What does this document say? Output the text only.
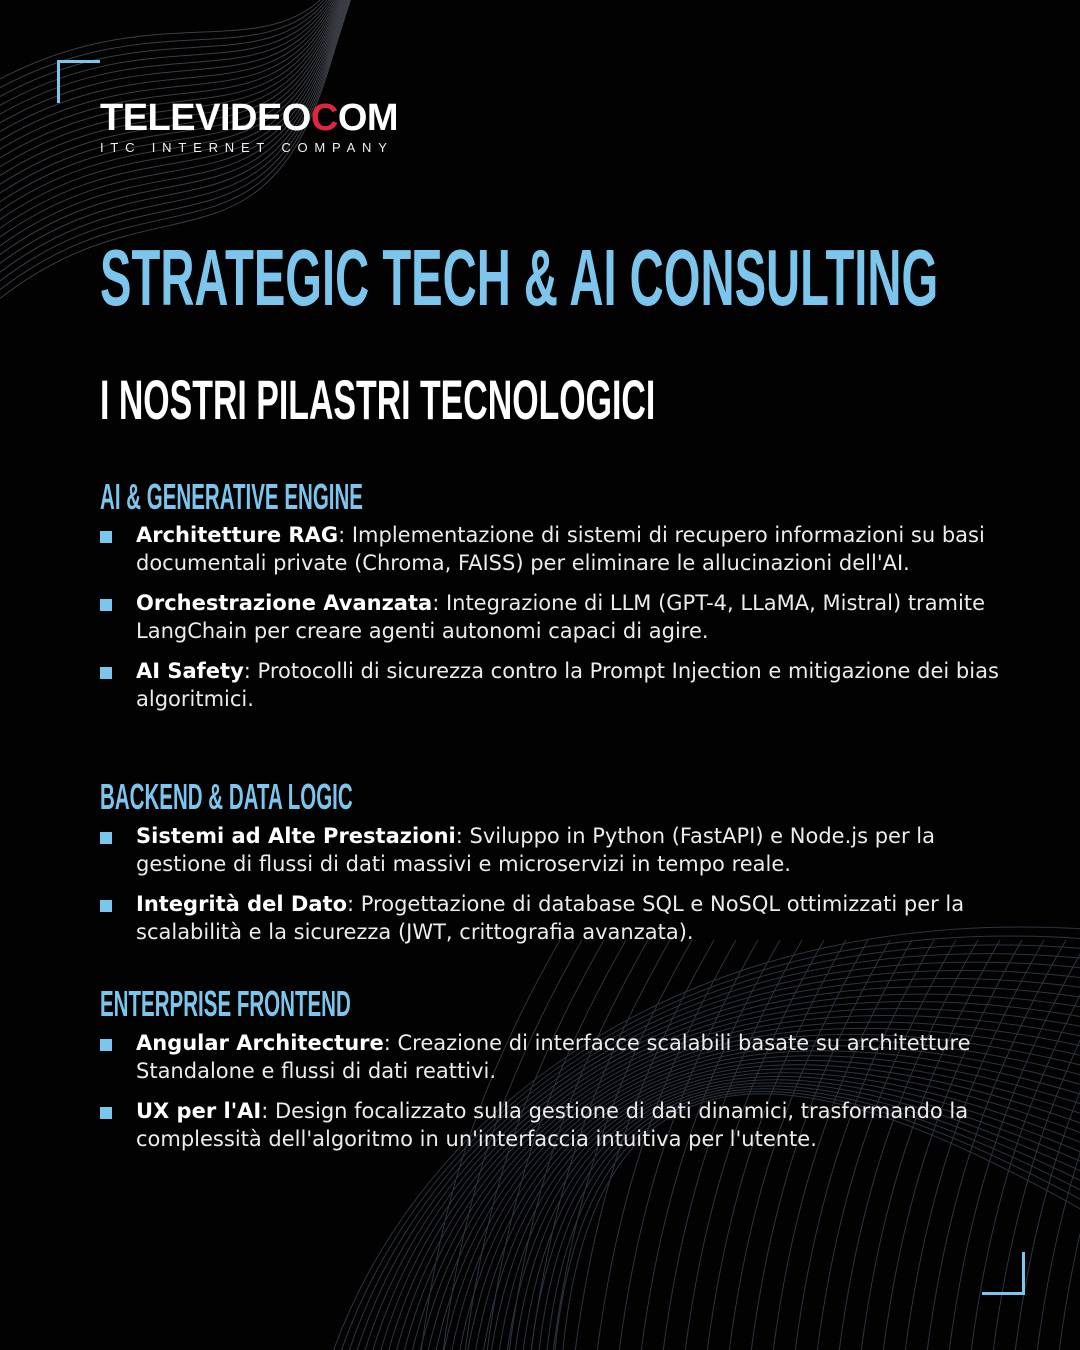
TELEVIDEOCOM
ITC INTERNET COMPANY
STRATEGIC TECH & AI CONSULTING
I NOSTRI PILASTRI TECNOLOGICI
AI & GENERATIVE ENGINE
Architetture RAG: Implementazione di sistemi di recupero informazioni su basi documentali private (Chroma, FAISS) per eliminare le allucinazioni dell'AI.
Orchestrazione Avanzata: Integrazione di LLM (GPT-4, LLaMA, Mistral) tramite LangChain per creare agenti autonomi capaci di agire.
AI Safety: Protocolli di sicurezza contro la Prompt Injection e mitigazione dei bias algoritmici.
BACKEND & DATA LOGIC
Sistemi ad Alte Prestazioni: Sviluppo in Python (FastAPI) e Node.js per la gestione di flussi di dati massivi e microservizi in tempo reale.
Integrità del Dato: Progettazione di database SQL e NoSQL ottimizzati per la scalabilità e la sicurezza (JWT, crittografia avanzata).
ENTERPRISE FRONTEND
Angular Architecture: Creazione di interfacce scalabili basate su architetture Standalone e flussi di dati reattivi.
UX per l'AI: Design focalizzato sulla gestione di dati dinamici, trasformando la complessità dell'algoritmo in un'interfaccia intuitiva per l'utente.
